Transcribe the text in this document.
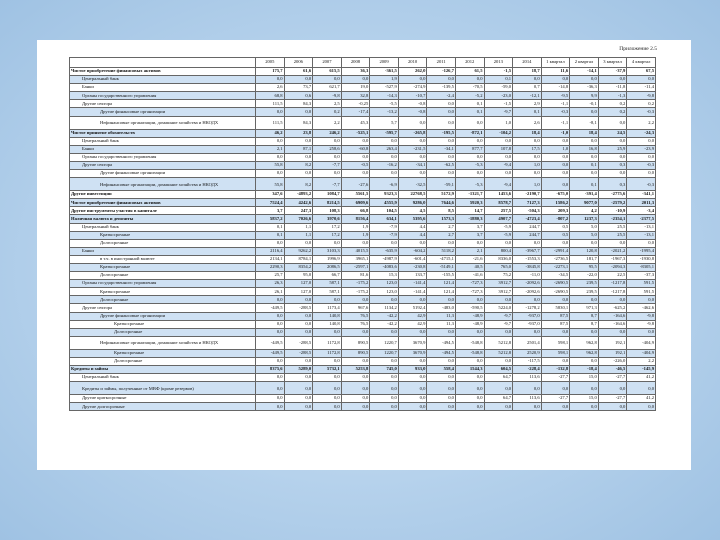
Приложение 2.5
	2005	2006	2007	2008	2009	2010	2011	2012	2013	2014	1 квартал	2 квартал	3 квартал	4 квартал
Чистое приобретение финансовых активов	175,7	61,6	615,5	36,3	-361,5	262,0	-126,7	61,5	-1,5	18,7	11,6	-14,1	-37,9	67,5
Центральный банк	0,0	0,0	0,0	0,0	1,9	0,0	0,0	0,0	0,1	0,0	0,0	0,0	0,0	0,0
Банки	2,6	73,7	621,7	19,0	-527,9	-274,9	-139,5	-70,5	-59,0	0,7	-14,8	-36,3	-11,8	-11,4
Органы государственного управления	68,8	0,6	-9,8	32,8	-14,3	-10,7	-2,4	-5,2	-23,0	-12,1	-9,5	9,9	-1,3	-9,8
Другие сектора	111,5	84,3	2,5	-0,25	-5,5	-0,8	0,0	0,1	-1,5	2,9	-1,1	-0,1	0,2	0,2
Другие финансовые организации	0,0	0,0	0,2	-17,4	-13,2	-0,8	0,0	0,1	-9,7	0,1	-0,3	0,0	0,2	-0,3
Нефинансовые организации, домашние хозяйства и НКОДХ	111,5	84,3	2,2	45,3	5,7	0,0	0,0	0,0	1,0	2,6	-1,1	-8,1	0,0	2,2
Чистое принятие обязательств	46,2	23,8	246,2	-525,1	-595,7	-265,8	-195,5	-872,1	-104,2	18,4	-1,0	18,4	24,5	-24,3
Центральный банк	0,0	0,0	0,0	0,0	0,0	0,0	0,0	0,0	0,0	0,0	0,0	0,0	0,0	0,0
Банки	2,1	87,1	258,6	-60,8	263,4	-231,5	-34,1	877,7	107,8	17,5	1,0	16,8	25,9	-23,9
Органы государственного управления	0,0	0,0	0,0	0,0	0,0	0,0	0,0	0,0	0,0	0,0	0,0	0,0	0,0	0,0
Другие сектора	55,8	8,2	-7,7	-0,5	-16,2	-34,1	-62,5	-5,3	-9,4	1,0	0,0	0,1	0,3	-0,3
Другие финансовые организации	0,0	0,0	0,0	0,0	0,0	0,0	0,0	0,0	0,0	0,0	0,0	0,0	0,0	0,0
Нефинансовые организации, домашние хозяйства и НКОДХ	55,8	8,2	-7,7	-27,6	-6,9	-32,5	-59,1	-5,3	-9,4	1,0	0,0	0,1	0,3	-0,3
Другие инвестиции	347,6	-4893,2	1084,7	5561,5	9323,3	22768,5	5172,9	-1321,7	1453,6	-2190,7	-675,0	-391,4	-2775,6	-341,1
Чистое приобретение финансовых активов	7524,4	4242,6	8214,5	6909,6	4555,9	9286,0	7644,6	5920,3	8578,7	7127,3	1586,2	9077,0	-2579,2	2011,3
Другие инструменты участия в капитале	3,7	247,3	108,3	66,8	104,5	4,5	8,5	14,7	257,5	-504,3	209,3	4,2	-10,9	-3,4
Наличная валюта и депозиты	5837,2	7026,6	3970,6	8156,4	634,1	5395,6	1573,3	-1880,3	4907,7	-4723,4	-807,2	1237,3	-2354,1	-2377,5
Центральный банк	0,1	1,1	17,2	1,9	-7,9	4,4	2,7	3,7	-5,9	244,7	0,5	5,0	25,5	-13,1
Краткосрочные	0,1	1,1	17,2	1,9	-7,9	4,4	2,7	3,7	-5,9	244,7	0,5	5,0	25,5	-13,1
Долгосрочные	0,0	0,0	0,0	0,0	0,0	0,0	0,0	0,0	0,0	0,0	0,0	0,0	0,0	0,0
Банки	2116,4	9262,2	3103,3	4015,5	-635,9	-604,2	5118,2	2,1	800,4	-3967,7	-2991,4	120,8	-2021,2	-1995,4
в т.ч. в иностранной валюте	2134,1	8784,1	1996,9	3965,1	-4987,9	-601,4	-4715,1	-21,6	8336,0	-1553,3	-2736,5	181,7	-1967,3	-1930,8
Краткосрочные	2290,3	8354,2	2086,5	-2597,1	-4083,6	-230,8	-5149,1	40,5	765,0	-3845,8	-2273,1	95,5	-2094,3	-8305,1
Долгосрочные	25,7	95,0	66,7	81,6	15,3	133,7	-155,5	-41,6	75,2	-11,0	-34,5	-22,0	22,5	-37,3
Органы государственного управления	26,3	127,0	587,1	-175,2	123,0	-141,4	121,4	-727,3	3912,7	-2092,6	-2690,5	239,5	-1217,8	591,5
Краткосрочные	26,1	127,0	587,1	-175,2	123,0	-141,4	121,4	-727,3	3912,7	-2092,6	-2690,5	239,5	-1217,8	591,5
Долгосрочные	0,0	0,0	0,0	0,0	0,0	0,0	0,0	0,0	0,0	0,0	0,0	0,0	0,0	0,0
Другие сектора	-449,5	-288,5	1173,4	967,6	1134,2	5192,4	-483,0	-590,5	5224,0	-1278,2	5830,1	971,3	-625,2	-462,6
Другие финансовые организации	0,0	0,0	140,8	76,5	-42,2	42,9	11,3	-48,9	-9,7	-937,0	87,5	8,7	-164,6	-9,8
Краткосрочные	0,0	0,0	140,8	76,5	-42,2	42,9	11,3	-48,9	-9,7	-937,0	87,5	8,7	-164,6	-9,8
Долгосрочные	0,0	0,0	0,0	0,0	0,0	0,0	0,0	0,0	0,0	0,0	0,0	0,0	0,0	0,0
Нефинансовые организации, домашние хозяйства и НКОДХ	-449,5	-288,5	1172,8	890,5	1220,7	3670,9	-494,5	-548,8	5212,8	2501,4	598,1	962,8	192,1	-404,9
Краткосрочные	-449,5	-288,5	1172,8	890,5	1220,7	3670,9	-494,5	-548,8	5212,8	2520,9	598,1	962,8	192,1	-404,9
Долгосрочные	0,0	0,0	0,0	0,0	0,0	0,0	0,0	0,0	0,0	-117,5	0,0	0,0	-226,0	2,2
Кредиты и займы	8375,6	5289,0	5732,1	5253,8	745,0	933,0	558,4	1544,3	604,5	-228,4	-132,8	-18,4	-46,5	-145,9
Центральный банк	0,0	0,0	0,0	0,0	0,0	0,0	0,0	0,0	64,7	113,6	-27,7	15,0	-27,7	41,2
Кредиты и займы, полученные от МВФ (кроме резервов)	0,0	0,0	0,0	0,0	0,0	0,0	0,0	0,0	0,0	0,0	0,0	0,0	0,0	0,0
Другие краткосрочные	0,0	0,0	0,0	0,0	0,0	0,0	0,0	0,0	64,7	113,6	-27,7	15,0	-27,7	41,2
Другие долгосрочные	0,0	0,0	0,0	0,0	0,0	0,0	0,0	0,0	0,0	0,0	0,0	0,0	0,0	0,0
